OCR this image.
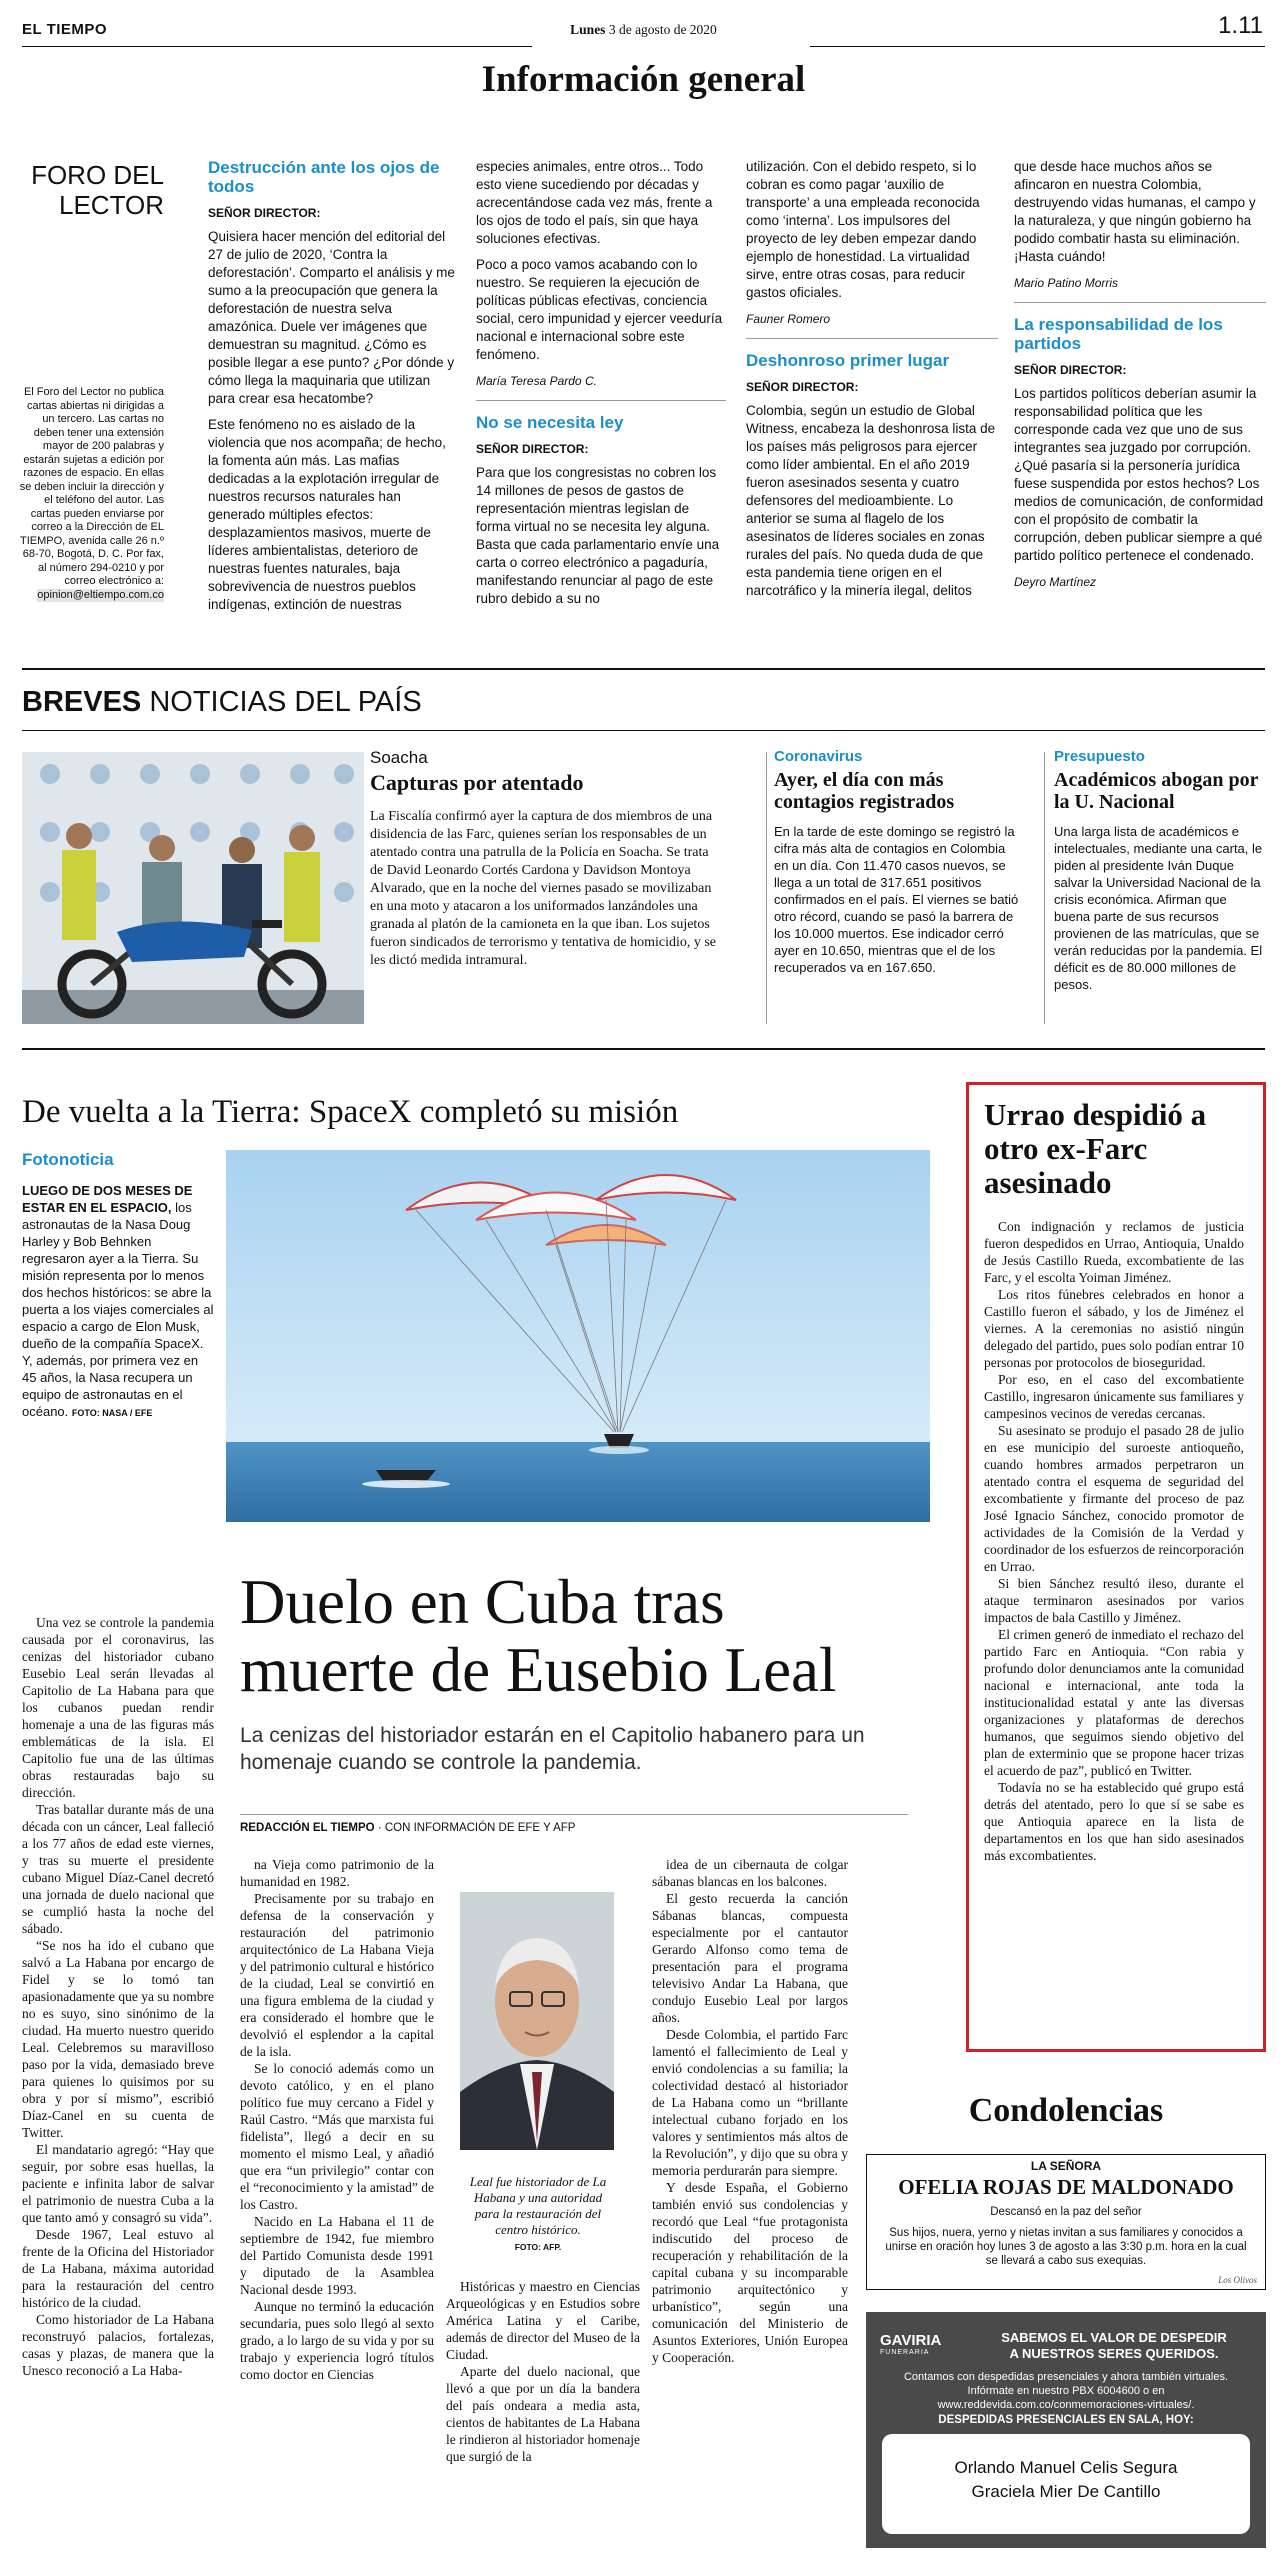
EL TIEMPO	Lunes 3 de agosto de 2020	1.11
Información general
FORO DEL
LECTOR
El Foro del Lector no publica cartas abiertas ni dirigidas a un tercero. Las cartas no deben tener una extensión mayor de 200 palabras y estarán sujetas a edición por razones de espacio. En ellas se deben incluir la dirección y el teléfono del autor. Las cartas pueden enviarse por correo a la Dirección de EL TIEMPO, avenida calle 26 n.º 68-70, Bogotá, D. C. Por fax, al número 294-0210 y por correo electrónico a: opinion@eltiempo.com.co
Destrucción ante los ojos de todos
SEÑOR DIRECTOR:

Quisiera hacer mención del editorial del 27 de julio de 2020, ‘Contra la deforestación’. Comparto el análisis y me sumo a la preocupación que genera la deforestación de nuestra selva amazónica. Duele ver imágenes que demuestran su magnitud. ¿Cómo es posible llegar a ese punto? ¿Por dónde y cómo llega la maquinaria que utilizan para crear esa hecatombe?

Este fenómeno no es aislado de la violencia que nos acompaña; de hecho, la fomenta aún más. Las mafias dedicadas a la explotación irregular de nuestros recursos naturales han generado múltiples efectos: desplazamientos masivos, muerte de líderes ambientalistas, deterioro de nuestras fuentes naturales, baja sobrevivencia de nuestros pueblos indígenas, extinción de nuestras

especies animales, entre otros... Todo esto viene sucediendo por décadas y acrecentándose cada vez más, frente a los ojos de todo el país, sin que haya soluciones efectivas.

Poco a poco vamos acabando con lo nuestro. Se requieren la ejecución de políticas públicas efectivas, conciencia social, cero impunidad y ejercer veeduría nacional e internacional sobre este fenómeno.

María Teresa Pardo C.
No se necesita ley
SEÑOR DIRECTOR:

Para que los congresistas no cobren los 14 millones de pesos de gastos de representación mientras legislan de forma virtual no se necesita ley alguna. Basta que cada parlamentario envíe una carta o correo electrónico a pagaduría, manifestando renunciar al pago de este rubro debido a su no

utilización. Con el debido respeto, si lo cobran es como pagar ‘auxilio de transporte’ a una empleada reconocida como ‘interna’. Los impulsores del proyecto de ley deben empezar dando ejemplo de honestidad. La virtualidad sirve, entre otras cosas, para reducir gastos oficiales.

Fauner Romero
Deshonroso primer lugar
SEÑOR DIRECTOR:

Colombia, según un estudio de Global Witness, encabeza la deshonrosa lista de los países más peligrosos para ejercer como líder ambiental. En el año 2019 fueron asesinados sesenta y cuatro defensores del medioambiente. Lo anterior se suma al flagelo de los asesinatos de líderes sociales en zonas rurales del país. No queda duda de que esta pandemia tiene origen en el narcotráfico y la minería ilegal, delitos

que desde hace muchos años se afincaron en nuestra Colombia, destruyendo vidas humanas, el campo y la naturaleza, y que ningún gobierno ha podido combatir hasta su eliminación. ¡Hasta cuándo!

Mario Patino Morris
La responsabilidad de los partidos
SEÑOR DIRECTOR:

Los partidos políticos deberían asumir la responsabilidad política que les corresponde cada vez que uno de sus integrantes sea juzgado por corrupción. ¿Qué pasaría si la personería jurídica fuese suspendida por estos hechos? Los medios de comunicación, de conformidad con el propósito de combatir la corrupción, deben publicar siempre a qué partido político pertenece el condenado.

Deyro Martínez
BREVES NOTICIAS DEL PAÍS
Soacha
Capturas por atentado
La Fiscalía confirmó ayer la captura de dos miembros de una disidencia de las Farc, quienes serían los responsables de un atentado contra una patrulla de la Policía en Soacha. Se trata de David Leonardo Cortés Cardona y Davidson Montoya Alvarado, que en la noche del viernes pasado se movilizaban en una moto y atacaron a los uniformados lanzándoles una granada al platón de la camioneta en la que iban. Los sujetos fueron sindicados de terrorismo y tentativa de homicidio, y se les dictó medida intramural.
Coronavirus
Ayer, el día con más contagios registrados
En la tarde de este domingo se registró la cifra más alta de contagios en Colombia en un día. Con 11.470 casos nuevos, se llega a un total de 317.651 positivos confirmados en el país. El viernes se batió otro récord, cuando se pasó la barrera de los 10.000 muertos. Ese indicador cerró ayer en 10.650, mientras que el de los recuperados va en 167.650.
Presupuesto
Académicos abogan por la U. Nacional
Una larga lista de académicos e intelectuales, mediante una carta, le piden al presidente Iván Duque salvar la Universidad Nacional de la crisis económica. Afirman que buena parte de sus recursos provienen de las matrículas, que se verán reducidas por la pandemia. El déficit es de 80.000 millones de pesos.
De vuelta a la Tierra: SpaceX completó su misión
Fotonoticia
LUEGO DE DOS MESES DE ESTAR EN EL ESPACIO, los astronautas de la Nasa Doug Harley y Bob Behnken regresaron ayer a la Tierra. Su misión representa por lo menos dos hechos históricos: se abre la puerta a los viajes comerciales al espacio a cargo de Elon Musk, dueño de la compañía SpaceX. Y, además, por primera vez en 45 años, la Nasa recupera un equipo de astronautas en el océano. FOTO: NASA / EFE
Duelo en Cuba tras
muerte de Eusebio Leal
La cenizas del historiador estarán en el Capitolio habanero para un homenaje cuando se controle la pandemia.
REDACCIÓN EL TIEMPO · CON INFORMACIÓN DE EFE Y AFP

Una vez se controle la pandemia causada por el coronavirus, las cenizas del historiador cubano Eusebio Leal serán llevadas al Capitolio de La Habana para que los cubanos puedan rendir homenaje a una de las figuras más emblemáticas de la isla. El Capitolio fue una de las últimas obras restauradas bajo su dirección.

Tras batallar durante más de una década con un cáncer, Leal falleció a los 77 años de edad este viernes, y tras su muerte el presidente cubano Miguel Díaz-Canel decretó una jornada de duelo nacional que se cumplió hasta la noche del sábado.

“Se nos ha ido el cubano que salvó a La Habana por encargo de Fidel y se lo tomó tan apasionadamente que ya su nombre no es suyo, sino sinónimo de la ciudad. Ha muerto nuestro querido Leal. Celebremos su maravilloso paso por la vida, demasiado breve para quienes lo quisimos por su obra y por sí mismo”, escribió Díaz-Canel en su cuenta de Twitter.

El mandatario agregó: “Hay que seguir, por sobre esas huellas, la paciente e infinita labor de salvar el patrimonio de nuestra Cuba a la que tanto amó y consagró su vida”.

Desde 1967, Leal estuvo al frente de la Oficina del Historiador de La Habana, máxima autoridad para la restauración del centro histórico de la ciudad.

Como historiador de La Habana reconstruyó palacios, fortalezas, casas y plazas, de manera que la Unesco reconoció a La Haba-

na Vieja como patrimonio de la humanidad en 1982.

Precisamente por su trabajo en defensa de la conservación y restauración del patrimonio arquitectónico de La Habana Vieja y del patrimonio cultural e histórico de la ciudad, Leal se convirtió en una figura emblema de la ciudad y era considerado el hombre que le devolvió el esplendor a la capital de la isla.

Se lo conoció además como un devoto católico, y en el plano político fue muy cercano a Fidel y Raúl Castro. “Más que marxista fui fidelista”, llegó a decir en su momento el mismo Leal, y añadió que era “un privilegio” contar con el “reconocimiento y la amistad” de los Castro.

Nacido en La Habana el 11 de septiembre de 1942, fue miembro del Partido Comunista desde 1991 y diputado de la Asamblea Nacional desde 1993.

Aunque no terminó la educación secundaria, pues solo llegó al sexto grado, a lo largo de su vida y por su trabajo y experiencia logró títulos como doctor en Ciencias

Leal fue historiador de La Habana y una autoridad para la restauración del centro histórico.
FOTO: AFP.

Históricas y maestro en Ciencias Arqueológicas y en Estudios sobre América Latina y el Caribe, además de director del Museo de la Ciudad.

Aparte del duelo nacional, que llevó a que por un día la bandera del país ondeara a media asta, cientos de habitantes de La Habana le rindieron al historiador homenaje que surgió de la

idea de un cibernauta de colgar sábanas blancas en los balcones.

El gesto recuerda la canción Sábanas blancas, compuesta especialmente por el cantautor Gerardo Alfonso como tema de presentación para el programa televisivo Andar La Habana, que condujo Eusebio Leal por largos años.

Desde Colombia, el partido Farc lamentó el fallecimiento de Leal y envió condolencias a su familia; la colectividad destacó al historiador de La Habana como un “brillante intelectual cubano forjado en los valores y sentimientos más altos de la Revolución”, y dijo que su obra y memoria perdurarán para siempre.

Y desde España, el Gobierno también envió sus condolencias y recordó que Leal “fue protagonista indiscutido del proceso de recuperación y rehabilitación de la capital cubana y su incomparable patrimonio arquitectónico y urbanístico”, según una comunicación del Ministerio de Asuntos Exteriores, Unión Europea y Cooperación.

Urrao despidió a otro ex-Farc asesinado

Con indignación y reclamos de justicia fueron despedidos en Urrao, Antioquia, Unaldo de Jesús Castillo Rueda, excombatiente de las Farc, y el escolta Yoiman Jiménez.

Los ritos fúnebres celebrados en honor a Castillo fueron el sábado, y los de Jiménez el viernes. A la ceremonias no asistió ningún delegado del partido, pues solo podían entrar 10 personas por protocolos de bioseguridad.

Por eso, en el caso del excombatiente Castillo, ingresaron únicamente sus familiares y campesinos vecinos de veredas cercanas.

Su asesinato se produjo el pasado 28 de julio en ese municipio del suroeste antioqueño, cuando hombres armados perpetraron un atentado contra el esquema de seguridad del excombatiente y firmante del proceso de paz José Ignacio Sánchez, conocido promotor de actividades de la Comisión de la Verdad y coordinador de los esfuerzos de reincorporación en Urrao.

Si bien Sánchez resultó ileso, durante el ataque terminaron asesinados por varios impactos de bala Castillo y Jiménez.

El crimen generó de inmediato el rechazo del partido Farc en Antioquia. “Con rabia y profundo dolor denunciamos ante la comunidad nacional e internacional, ante toda la institucionalidad estatal y ante las diversas organizaciones y plataformas de derechos humanos, que seguimos siendo objetivo del plan de exterminio que se propone hacer trizas el acuerdo de paz”, publicó en Twitter.

Todavía no se ha establecido qué grupo está detrás del atentado, pero lo que sí se sabe es que Antioquia aparece en la lista de departamentos en los que han sido asesinados más excombatientes.

Condolencias
LA SEÑORA
OFELIA ROJAS DE MALDONADO
Descansó en la paz del señor
Sus hijos, nuera, yerno y nietas invitan a sus familiares y conocidos a unirse en oración hoy lunes 3 de agosto a las 3:30 p.m. hora en la cual se llevará a cabo sus exequias.
Los Olivos
GAVIRIA
FUNERARIA
SABEMOS EL VALOR DE DESPEDIR
A NUESTROS SERES QUERIDOS.
Contamos con despedidas presenciales y ahora también virtuales. Infórmate en nuestro PBX 6004600 o en www.reddevida.com.co/conmemoraciones-virtuales/.
DESPEDIDAS PRESENCIALES EN SALA, HOY:
Orlando Manuel Celis Segura
Graciela Mier De Cantillo
